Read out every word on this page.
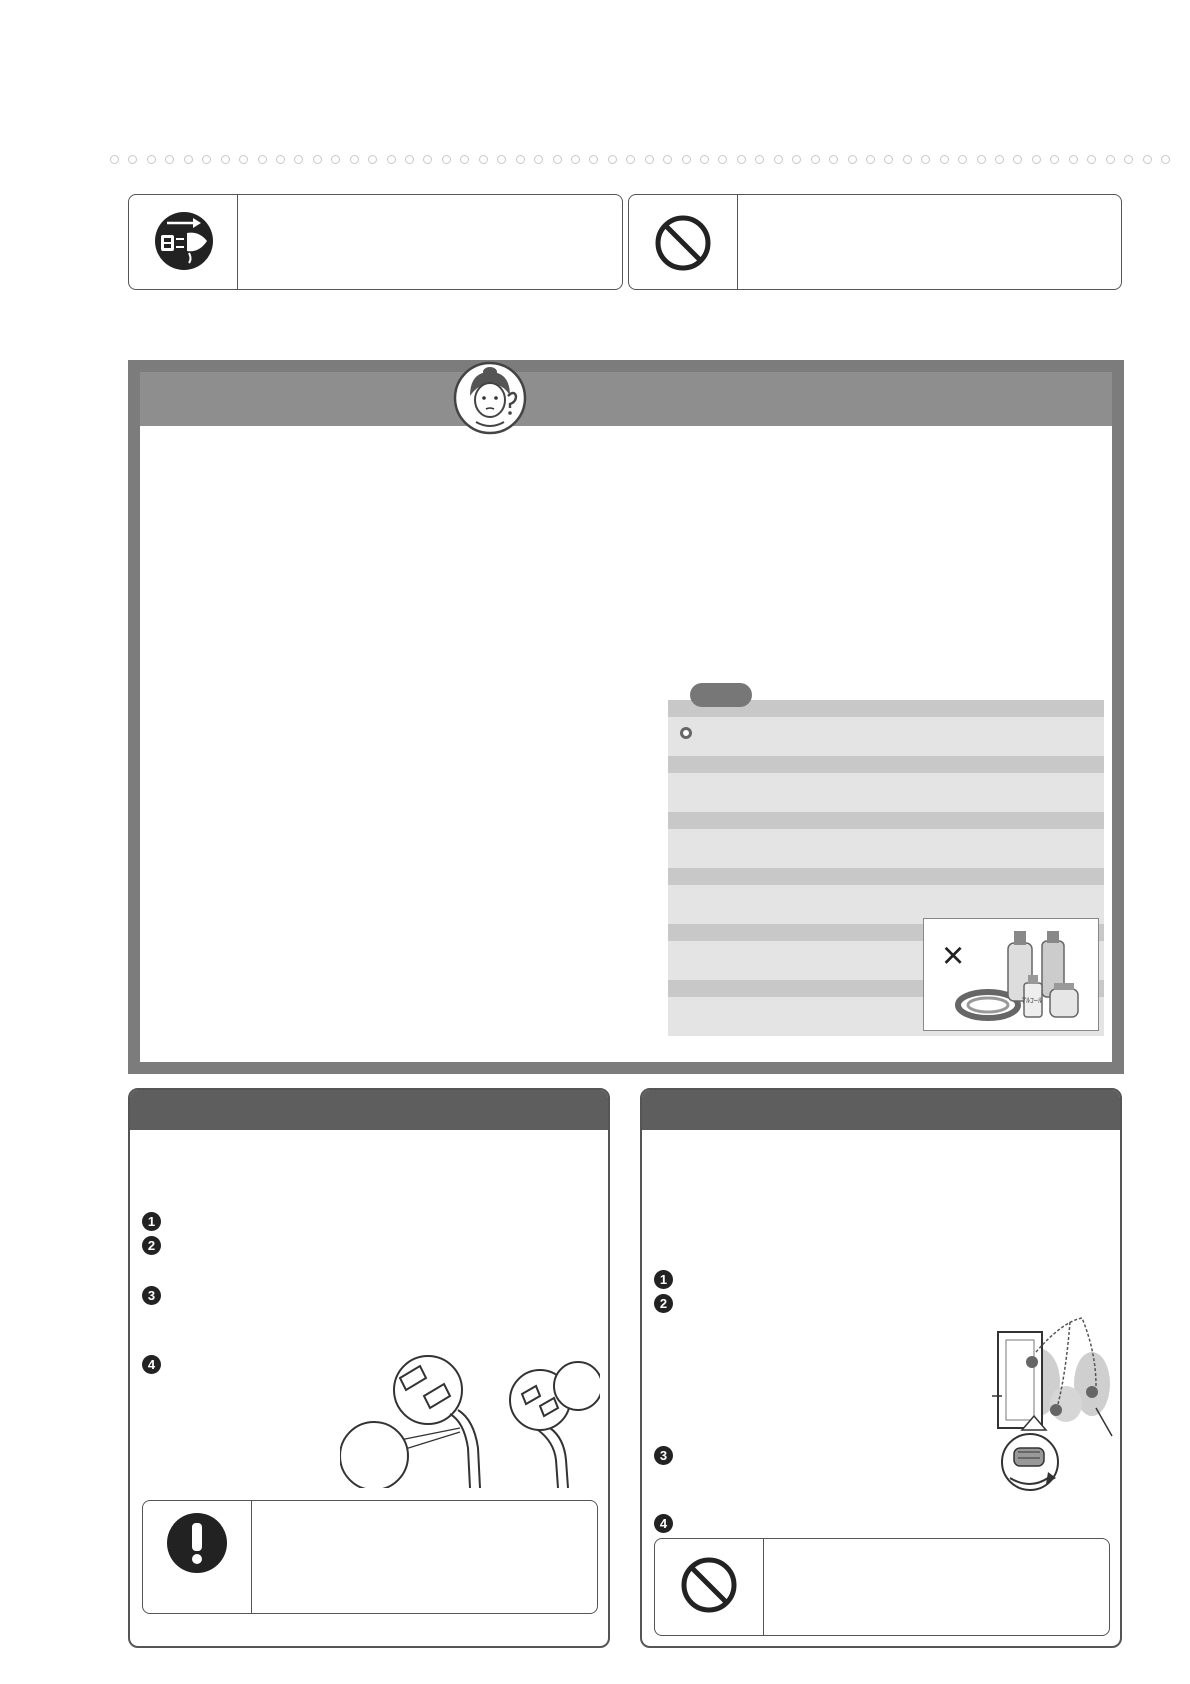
×
ｱﾙｺｰﾙ
1
2
3
4
1
2
3
4
